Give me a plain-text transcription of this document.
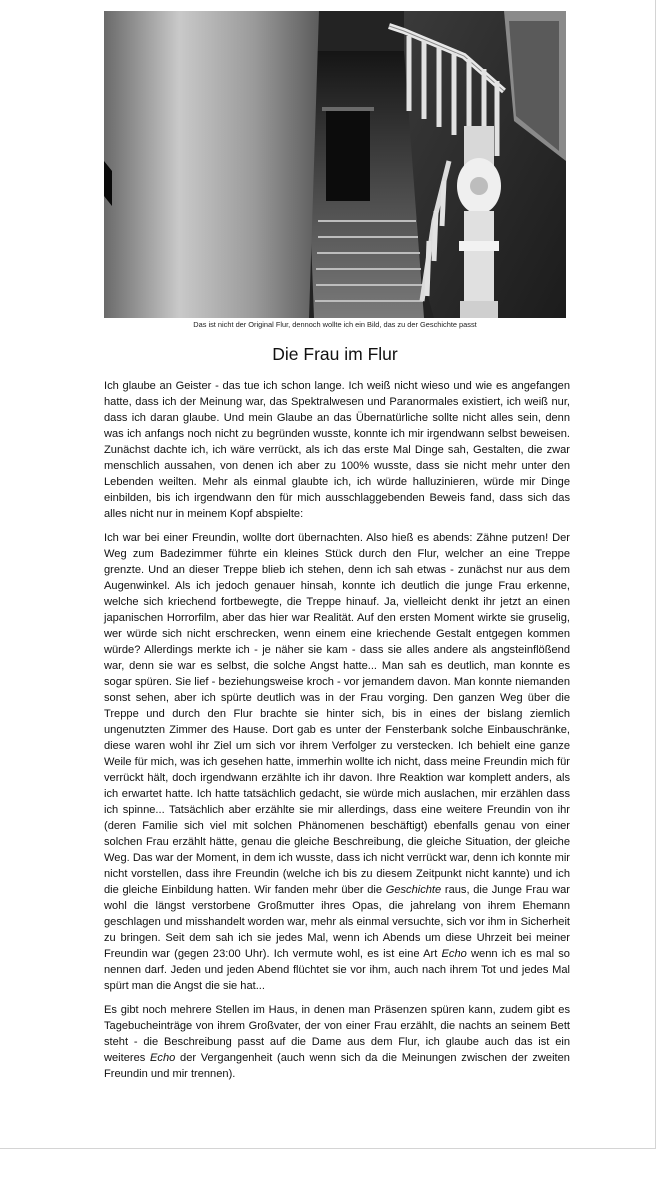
Das ist nicht der Original Flur, dennoch wollte ich ein Bild, das zu der Geschichte passt
Die Frau im Flur

Ich glaube an Geister - das tue ich schon lange. Ich weiß nicht wieso und wie es angefangen hatte, dass ich der Meinung war, das Spektralwesen und Paranormales existiert, ich weiß nur, dass ich daran glaube. Und mein Glaube an das Übernatürliche sollte nicht alles sein, denn was ich anfangs noch nicht zu begründen wusste, konnte ich mir irgendwann selbst beweisen. Zunächst dachte ich, ich wäre verrückt, als ich das erste Mal Dinge sah, Gestalten, die zwar menschlich aussahen, von denen ich aber zu 100% wusste, dass sie nicht mehr unter den Lebenden weilten. Mehr als einmal glaubte ich, ich würde halluzinieren, würde mir Dinge einbilden, bis ich irgendwann den für mich ausschlaggebenden Beweis fand, dass sich das alles nicht nur in meinem Kopf abspielte:

Ich war bei einer Freundin, wollte dort übernachten. Also hieß es abends: Zähne putzen! Der Weg zum Badezimmer führte ein kleines Stück durch den Flur, welcher an eine Treppe grenzte. Und an dieser Treppe blieb ich stehen, denn ich sah etwas - zunächst nur aus dem Augenwinkel. Als ich jedoch genauer hinsah, konnte ich deutlich die junge Frau erkenne, welche sich kriechend fortbewegte, die Treppe hinauf. Ja, vielleicht denkt ihr jetzt an einen japanischen Horrorfilm, aber das hier war Realität. Auf den ersten Moment wirkte sie gruselig, wer würde sich nicht erschrecken, wenn einem eine kriechende Gestalt entgegen kommen würde? Allerdings merkte ich - je näher sie kam - dass sie alles andere als angsteinflößend war, denn sie war es selbst, die solche Angst hatte... Man sah es deutlich, man konnte es sogar spüren. Sie lief - beziehungsweise kroch - vor jemandem davon. Man konnte niemanden sonst sehen, aber ich spürte deutlich was in der Frau vorging. Den ganzen Weg über die Treppe und durch den Flur brachte sie hinter sich, bis in eines der bislang ziemlich ungenutzten Zimmer des Hause. Dort gab es unter der Fensterbank solche Einbauschränke, diese waren wohl ihr Ziel um sich vor ihrem Verfolger zu verstecken. Ich behielt eine ganze Weile für mich, was ich gesehen hatte, immerhin wollte ich nicht, dass meine Freundin mich für verrückt hält, doch irgendwann erzählte ich ihr davon. Ihre Reaktion war komplett anders, als ich erwartet hatte. Ich hatte tatsächlich gedacht, sie würde mich auslachen, mir erzählen dass ich spinne... Tatsächlich aber erzählte sie mir allerdings, dass eine weitere Freundin von ihr (deren Familie sich viel mit solchen Phänomenen beschäftigt) ebenfalls genau von einer solchen Frau erzählt hätte, genau die gleiche Beschreibung, die gleiche Situation, der gleiche Weg. Das war der Moment, in dem ich wusste, dass ich nicht verrückt war, denn ich konnte mir nicht vorstellen, dass ihre Freundin (welche ich bis zu diesem Zeitpunkt nicht kannte) und ich die gleiche Einbildung hatten. Wir fanden mehr über die Geschichte raus, die Junge Frau war wohl die längst verstorbene Großmutter ihres Opas, die jahrelang von ihrem Ehemann geschlagen und misshandelt worden war, mehr als einmal versuchte, sich vor ihm in Sicherheit zu bringen. Seit dem sah ich sie jedes Mal, wenn ich Abends um diese Uhrzeit bei meiner Freundin war (gegen 23:00 Uhr). Ich vermute wohl, es ist eine Art Echo wenn ich es mal so nennen darf. Jeden und jeden Abend flüchtet sie vor ihm, auch nach ihrem Tot und jedes Mal spürt man die Angst die sie hat...

Es gibt noch mehrere Stellen im Haus, in denen man Präsenzen spüren kann, zudem gibt es Tagebucheinträge von ihrem Großvater, der von einer Frau erzählt, die nachts an seinem Bett steht - die Beschreibung passt auf die Dame aus dem Flur, ich glaube auch das ist ein weiteres Echo der Vergangenheit (auch wenn sich da die Meinungen zwischen der zweiten Freundin und mir trennen).
